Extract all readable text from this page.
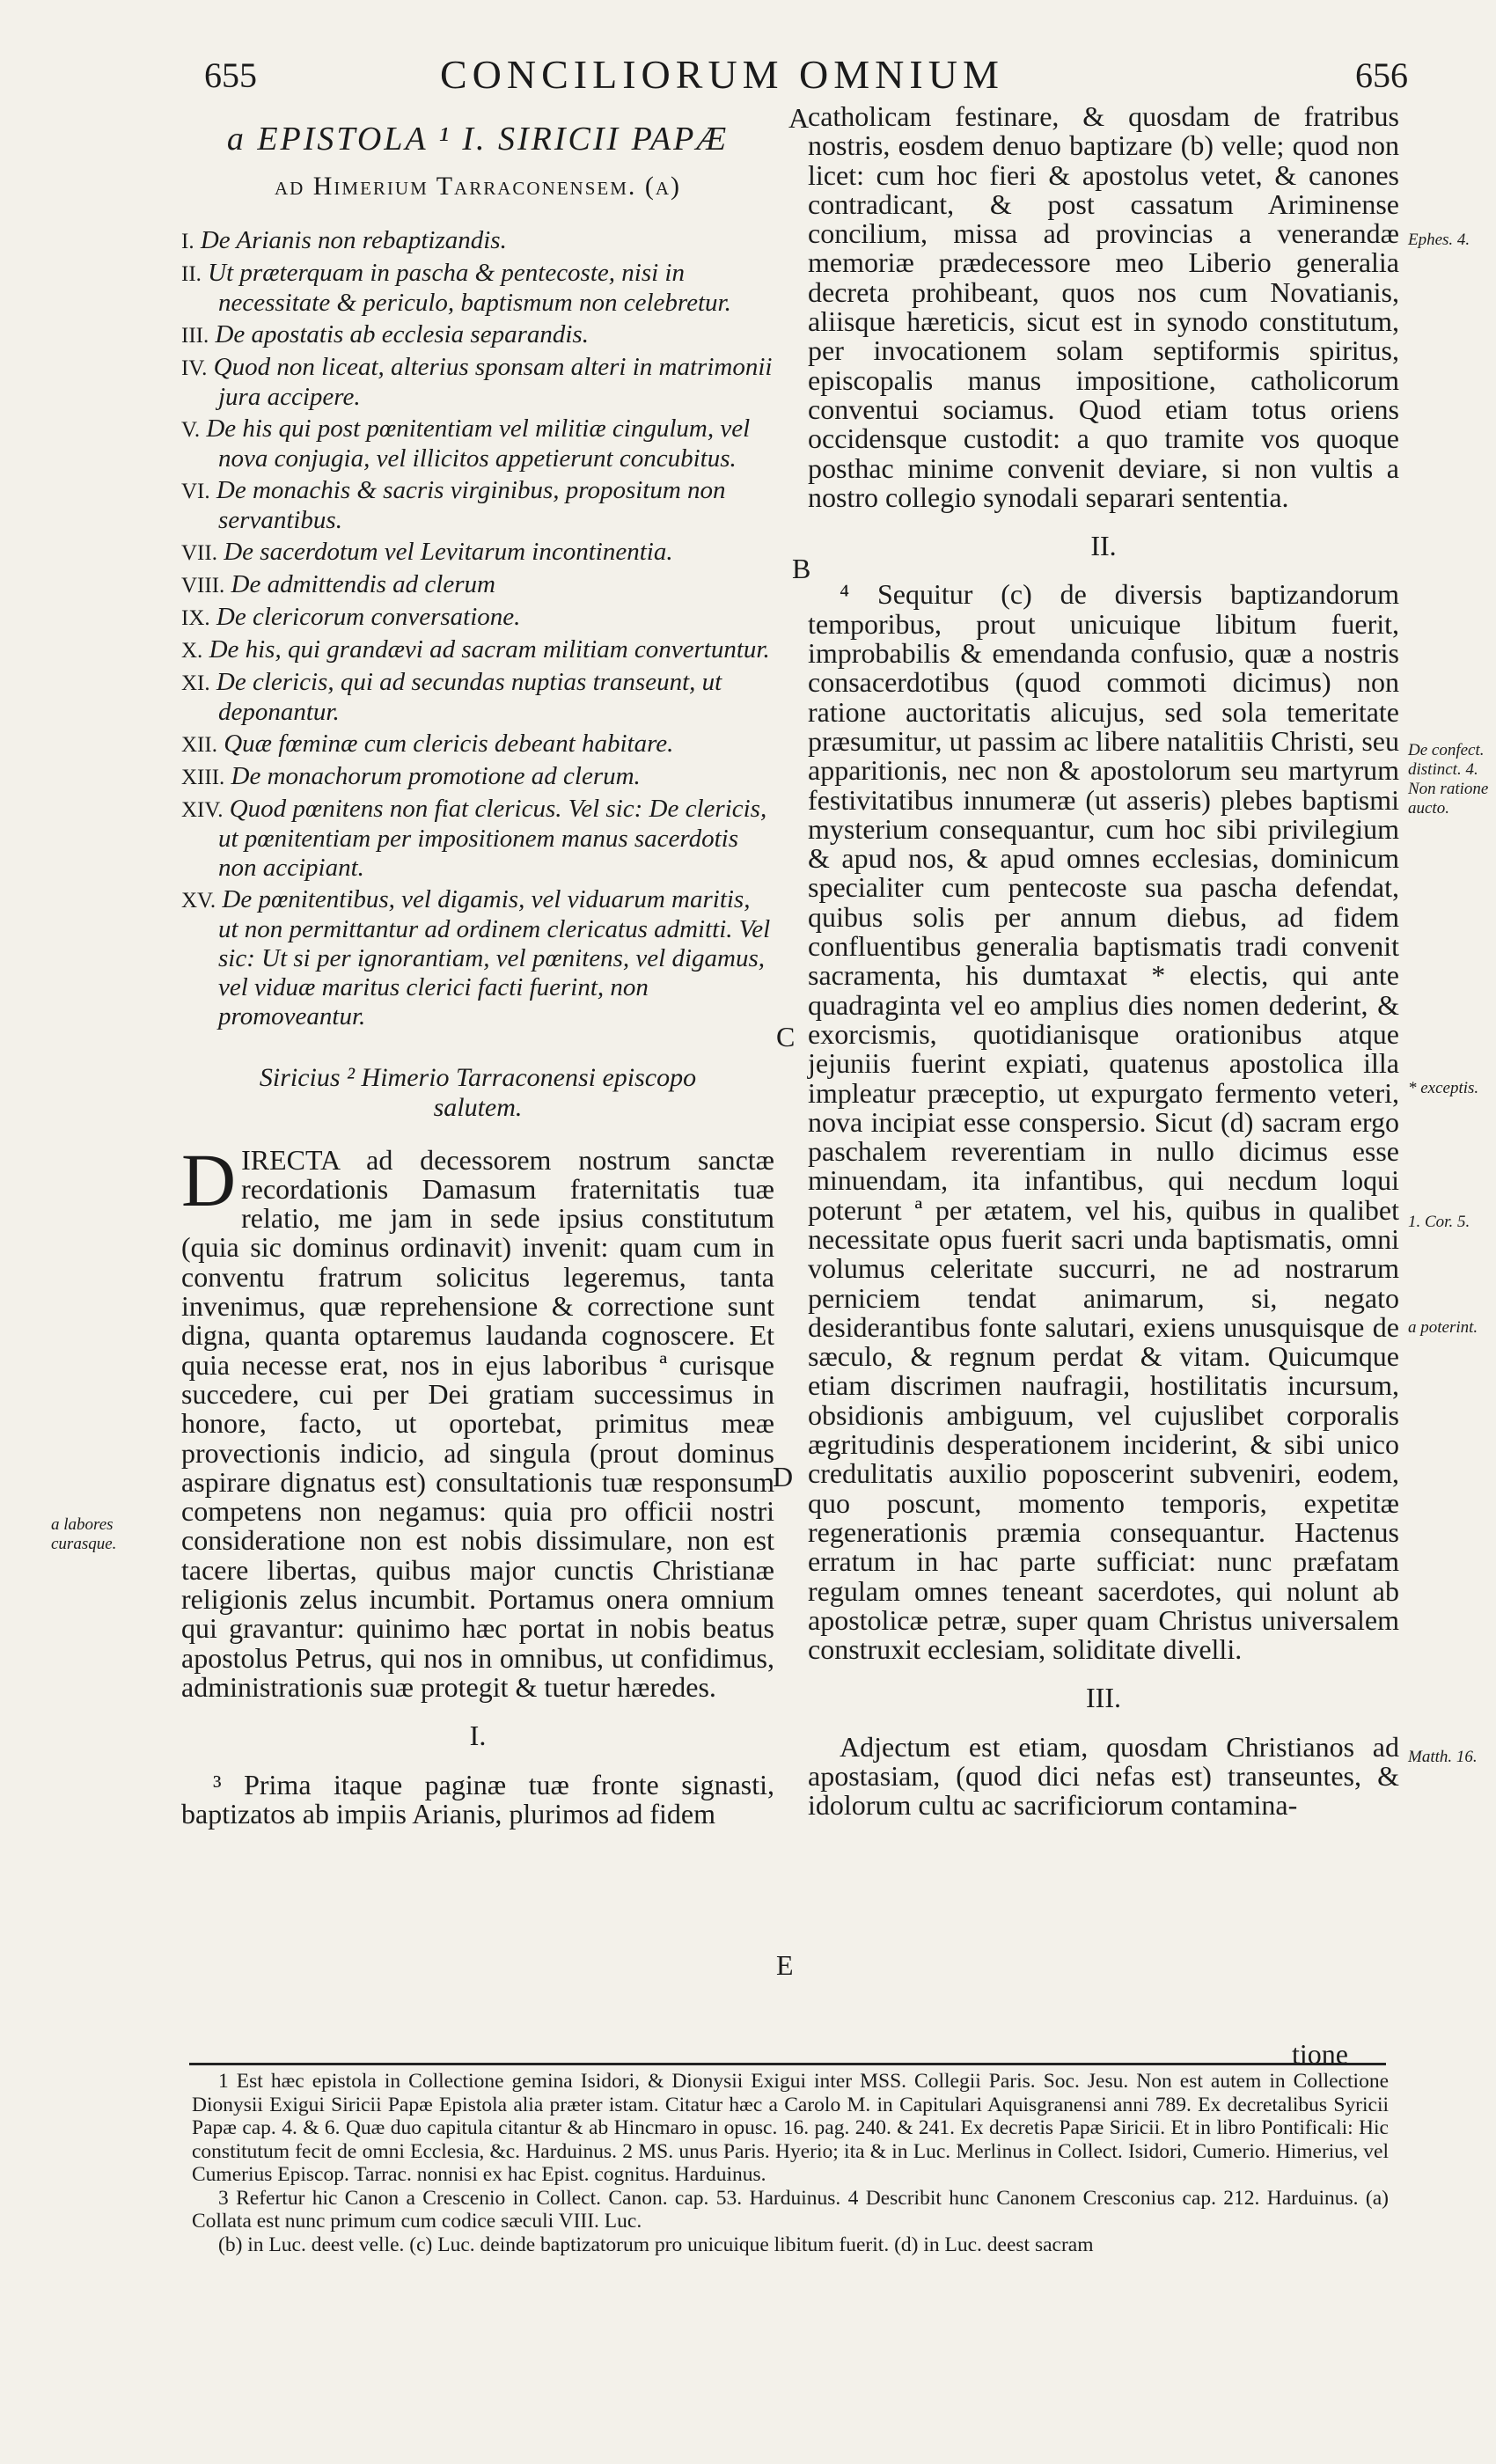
655	CONCILIORUM OMNIUM	656
a EPISTOLA ¹ I. SIRICII PAPÆ
ad Himerium Tarraconensem. (a)
I. De Arianis non rebaptizandis.
II. Ut præterquam in pascha & pentecoste, nisi in necessitate & periculo, baptismum non celebretur.
III. De apostatis ab ecclesia separandis.
IV. Quod non liceat, alterius sponsam alteri in matrimonii jura accipere.
V. De his qui post pœnitentiam vel militiæ cingulum, vel nova conjugia, vel illicitos appetierunt concubitus.
VI. De monachis & sacris virginibus, propositum non servantibus.
VII. De sacerdotum vel Levitarum incontinentia.
VIII. De admittendis ad clerum
IX. De clericorum conversatione.
X. De his, qui grandævi ad sacram militiam convertuntur.
XI. De clericis, qui ad secundas nuptias transeunt, ut deponantur.
XII. Quæ fœminæ cum clericis debeant habitare.
XIII. De monachorum promotione ad clerum.
XIV. Quod pœnitens non fiat clericus. Vel sic: De clericis, ut pœnitentiam per impositionem manus sacerdotis non accipiant.
XV. De pœnitentibus, vel digamis, vel viduarum maritis, ut non permittantur ad ordinem clericatus admitti. Vel sic: Ut si per ignorantiam, vel pœnitens, vel digamus, vel viduæ maritus clerici facti fuerint, non promoveantur.
Siricius ² Himerio Tarraconensi episcopo salutem.

DIRECTA ad decessorem nostrum sanctæ recordationis Damasum fraternitatis tuæ relatio, me jam in sede ipsius constitutum (quia sic dominus ordinavit) invenit: quam cum in conventu fratrum solicitus legeremus, tanta invenimus, quæ reprehensione & correctione sunt digna, quanta optaremus laudanda cognoscere. Et quia necesse erat, nos in ejus laboribus ª curisque succedere, cui per Dei gratiam successimus in honore, facto, ut oportebat, primitus meæ provectionis indicio, ad singula (prout dominus aspirare dignatus est) consultationis tuæ responsum competens non negamus: quia pro officii nostri consideratione non est nobis dissimulare, non est tacere libertas, quibus major cunctis Christianæ religionis zelus incumbit. Portamus onera omnium qui gravantur: quinimo hæc portat in nobis beatus apostolus Petrus, qui nos in omnibus, ut confidimus, administrationis suæ protegit & tuetur hæredes.

I.

³ Prima itaque paginæ tuæ fronte signasti, baptizatos ab impiis Arianis, plurimos ad fidem

catholicam festinare, & quosdam de fratribus nostris, eosdem denuo baptizare (b) velle; quod non licet: cum hoc fieri & apostolus vetet, & canones contradicant, & post cassatum Ariminense concilium, missa ad provincias a venerandæ memoriæ prædecessore meo Liberio generalia decreta prohibeant, quos nos cum Novatianis, aliisque hæreticis, sicut est in synodo constitutum, per invocationem solam septiformis spiritus, episcopalis manus impositione, catholicorum conventui sociamus. Quod etiam totus oriens occidensque custodit: a quo tramite vos quoque posthac minime convenit deviare, si non vultis a nostro collegio synodali separari sententia.

II.

⁴ Sequitur (c) de diversis baptizandorum temporibus, prout unicuique libitum fuerit, improbabilis & emendanda confusio, quæ a nostris consacerdotibus (quod commoti dicimus) non ratione auctoritatis alicujus, sed sola temeritate præsumitur, ut passim ac libere natalitiis Christi, seu apparitionis, nec non & apostolorum seu martyrum festivitatibus innumeræ (ut asseris) plebes baptismi mysterium consequantur, cum hoc sibi privilegium & apud nos, & apud omnes ecclesias, dominicum specialiter cum pentecoste sua pascha defendat, quibus solis per annum diebus, ad fidem confluentibus generalia baptismatis tradi convenit sacramenta, his dumtaxat * electis, qui ante quadraginta vel eo amplius dies nomen dederint, & exorcismis, quotidianisque orationibus atque jejuniis fuerint expiati, quatenus apostolica illa impleatur præceptio, ut expurgato fermento veteri, nova incipiat esse conspersio. Sicut (d) sacram ergo paschalem reverentiam in nullo dicimus esse minuendam, ita infantibus, qui necdum loqui poterunt ª per ætatem, vel his, quibus in qualibet necessitate opus fuerit sacri unda baptismatis, omni volumus celeritate succurri, ne ad nostrarum perniciem tendat animarum, si, negato desiderantibus fonte salutari, exiens unusquisque de sæculo, & regnum perdat & vitam. Quicumque etiam discrimen naufragii, hostilitatis incursum, obsidionis ambiguum, vel cujuslibet corporalis ægritudinis desperationem inciderint, & sibi unico credulitatis auxilio poposcerint subveniri, eodem, quo poscunt, momento temporis, expetitæ regenerationis præmia consequantur. Hactenus erratum in hac parte sufficiat: nunc præfatam regulam omnes teneant sacerdotes, qui nolunt ab apostolicæ petræ, super quam Christus universalem construxit ecclesiam, soliditate divelli.

III.

Adjectum est etiam, quosdam Christianos ad apostasiam, (quod dici nefas est) transeuntes, & idolorum cultu ac sacrificiorum contamina-

tione
A
B
C
D
E
a labores curasque.
Ephes. 4.
De confect. distinct. 4. Non ratione aucto.
* exceptis.
1. Cor. 5.
a poterint.
Matth. 16.

1 Est hæc epistola in Collectione gemina Isidori, & Dionysii Exigui inter MSS. Collegii Paris. Soc. Jesu. Non est autem in Collectione Dionysii Exigui Siricii Papæ Epistola alia præter istam. Citatur hæc a Carolo M. in Capitulari Aquisgranensi anni 789. Ex decretalibus Syricii Papæ cap. 4. & 6. Quæ duo capitula citantur & ab Hincmaro in opusc. 16. pag. 240. & 241. Ex decretis Papæ Siricii. Et in libro Pontificali: Hic constitutum fecit de omni Ecclesia, &c. Harduinus. 2 MS. unus Paris. Hyerio; ita & in Luc. Merlinus in Collect. Isidori, Cumerio. Himerius, vel Cumerius Episcop. Tarrac. nonnisi ex hac Epist. cognitus. Harduinus.

3 Refertur hic Canon a Crescenio in Collect. Canon. cap. 53. Harduinus. 4 Describit hunc Canonem Cresconius cap. 212. Harduinus. (a) Collata est nunc primum cum codice sæculi VIII. Luc.

(b) in Luc. deest velle. (c) Luc. deinde baptizatorum pro unicuique libitum fuerit. (d) in Luc. deest sacram
